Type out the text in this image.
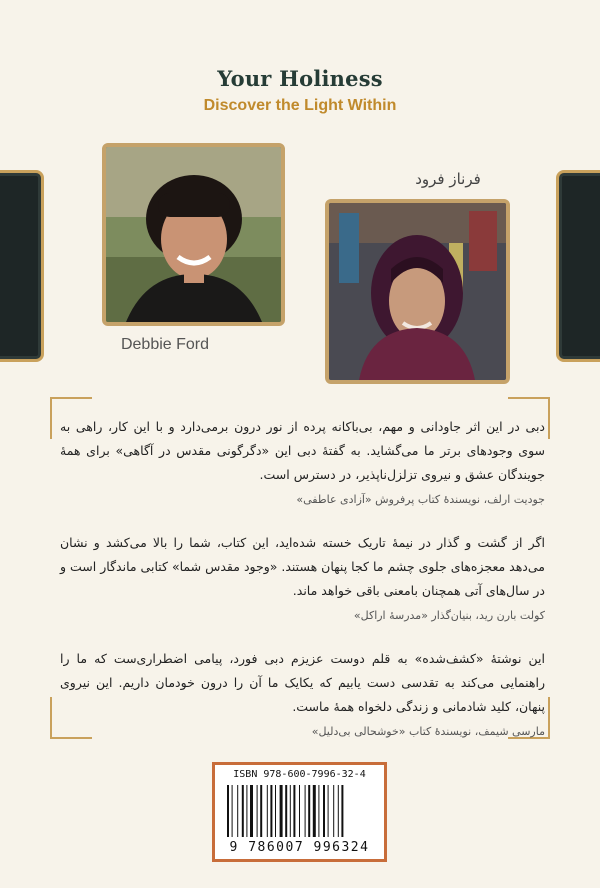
Your Holiness
Discover the Light Within
Debbie Ford
فرناز فرود

دبی در این اثر جاودانی و مهم، بی‌باکانه پرده از نور درون برمی‌دارد و با این کار، راهی به سوی وجودهای برتر ما می‌گشاید. به گفتهٔ دبی این «دگرگونی مقدس در آگاهی» برای همهٔ جویندگان عشق و نیروی تزلزل‌ناپذیر، در دسترس است.

جودیت ارلف، نویسندهٔ کتاب پرفروش «آزادی عاطفی»

اگر از گشت و گذار در نیمهٔ تاریک خسته شده‌اید، این کتاب، شما را بالا می‌کشد و نشان می‌دهد معجزه‌های جلوی چشم ما کجا پنهان هستند. «وجود مقدس شما» کتابی ماندگار است و در سال‌های آتی همچنان بامعنی باقی خواهد ماند.

کولت بارن رید، بنیان‌گذار «مدرسهٔ اراکل»

این نوشتهٔ «کشف‌شده» به قلم دوست عزیزم دبی فورد، پیامی اضطراری‌ست که ما را راهنمایی می‌کند به تقدسی دست یابیم که یکایک ما آن را درون خودمان داریم. این نیروی پنهان، کلید شادمانی و زندگی دلخواه همهٔ ماست.

مارسی شیمف، نویسندهٔ کتاب «خوشحالی بی‌دلیل»

ISBN 978-600-7996-32-4
9 786007 996324
